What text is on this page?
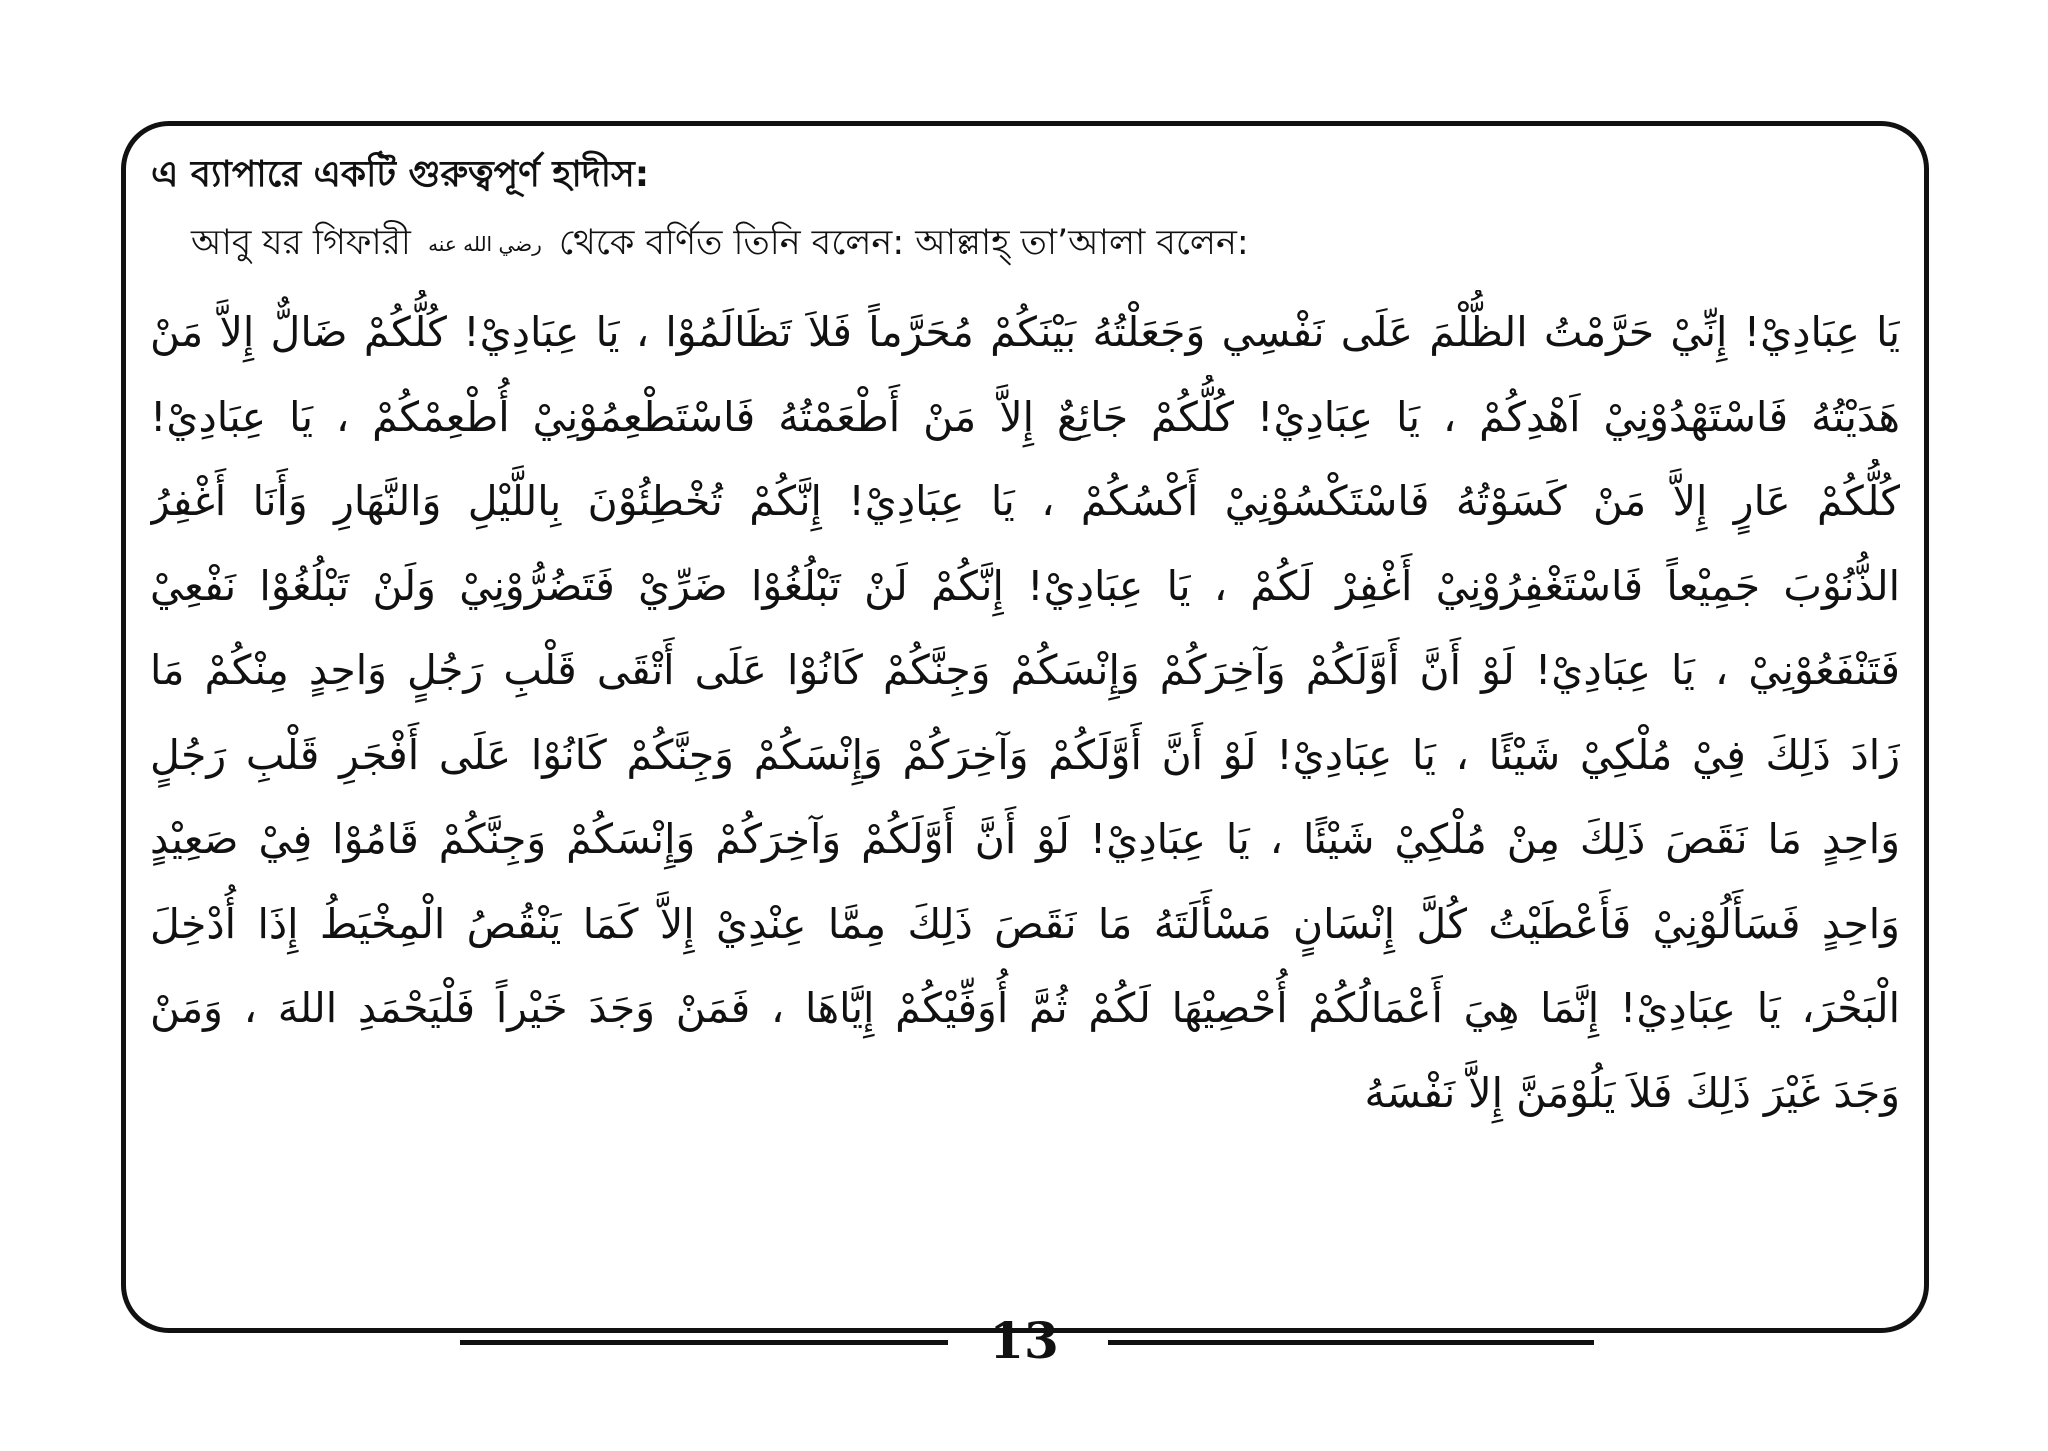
এ ব্যাপারে একটি গুরুত্বপূর্ণ হাদীস:
আবু যর গিফারী رضي الله عنه থেকে বর্ণিত তিনি বলেন: আল্লাহ্ তা’আলা বলেন:
يَا عِبَادِيْ! إِنِّيْ حَرَّمْتُ الظُّلْمَ عَلَى نَفْسِي وَجَعَلْتُهُ بَيْنَكُمْ مُحَرَّماً فَلاَ تَظَالَمُوْا ، يَا عِبَادِيْ! كُلُّكُمْ ضَالٌّ إِلاَّ مَنْ
هَدَيْتُهُ فَاسْتَهْدُوْنِيْ اَهْدِكُمْ ، يَا عِبَادِيْ! كُلُّكُمْ جَائِعٌ إِلاَّ مَنْ أَطْعَمْتُهُ فَاسْتَطْعِمُوْنِيْ أُطْعِمْكُمْ ، يَا عِبَادِيْ!
كُلُّكُمْ عَارٍ إِلاَّ مَنْ كَسَوْتُهُ فَاسْتَكْسُوْنِيْ أَكْسُكُمْ ، يَا عِبَادِيْ! إِنَّكُمْ تُخْطِئُوْنَ بِاللَّيْلِ وَالنَّهَارِ وَأَنَا أَغْفِرُ
الذُّنُوْبَ جَمِيْعاً فَاسْتَغْفِرُوْنِيْ أَغْفِرْ لَكُمْ ، يَا عِبَادِيْ! إِنَّكُمْ لَنْ تَبْلُغُوْا ضَرِّيْ فَتَضُرُّوْنِيْ وَلَنْ تَبْلُغُوْا نَفْعِيْ
فَتَنْفَعُوْنِيْ ، يَا عِبَادِيْ! لَوْ أَنَّ أَوَّلَكُمْ وَآخِرَكُمْ وَإِنْسَكُمْ وَجِنَّكُمْ كَانُوْا عَلَى أَتْقَى قَلْبِ رَجُلٍ وَاحِدٍ مِنْكُمْ مَا
زَادَ ذَلِكَ فِيْ مُلْكِيْ شَيْئًا ، يَا عِبَادِيْ! لَوْ أَنَّ أَوَّلَكُمْ وَآخِرَكُمْ وَإِنْسَكُمْ وَجِنَّكُمْ كَانُوْا عَلَى أَفْجَرِ قَلْبِ رَجُلٍ
وَاحِدٍ مَا نَقَصَ ذَلِكَ مِنْ مُلْكِيْ شَيْئًا ، يَا عِبَادِيْ! لَوْ أَنَّ أَوَّلَكُمْ وَآخِرَكُمْ وَإِنْسَكُمْ وَجِنَّكُمْ قَامُوْا فِيْ صَعِيْدٍ
وَاحِدٍ فَسَأَلُوْنِيْ فَأَعْطَيْتُ كُلَّ إِنْسَانٍ مَسْأَلَتَهُ مَا نَقَصَ ذَلِكَ مِمَّا عِنْدِيْ إِلاَّ كَمَا يَنْقُصُ الْمِخْيَطُ إِذَا أُدْخِلَ
الْبَحْرَ، يَا عِبَادِيْ! إِنَّمَا هِيَ أَعْمَالُكُمْ أُحْصِيْهَا لَكُمْ ثُمَّ أُوَفِّيْكُمْ إِيَّاهَا ، فَمَنْ وَجَدَ خَيْراً فَلْيَحْمَدِ اللهَ ، وَمَنْ
وَجَدَ غَيْرَ ذَلِكَ فَلاَ يَلُوْمَنَّ إِلاَّ نَفْسَهُ
13
